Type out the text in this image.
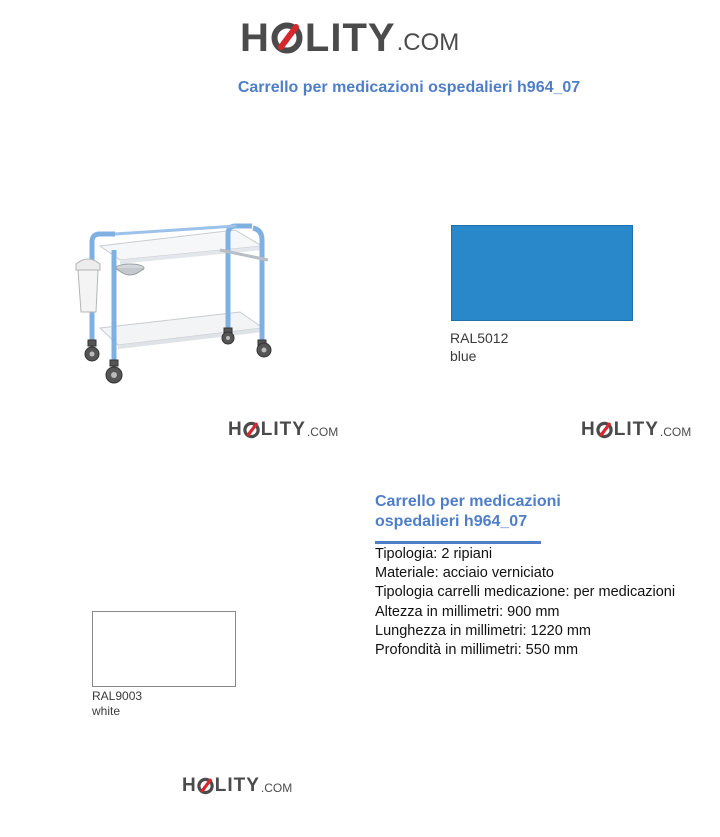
H LITY .COM
Carrello per medicazioni ospedalieri h964_07
RAL5012
blue
H LITY .COM	H LITY .COM
Carrello per medicazioni ospedalieri h964_07
Tipologia: 2 ripiani
Materiale: acciaio verniciato
Tipologia carrelli medicazione: per medicazioni
Altezza in millimetri: 900 mm
Lunghezza in millimetri: 1220 mm
Profondità in millimetri: 550 mm
RAL9003
white
H LITY .COM
